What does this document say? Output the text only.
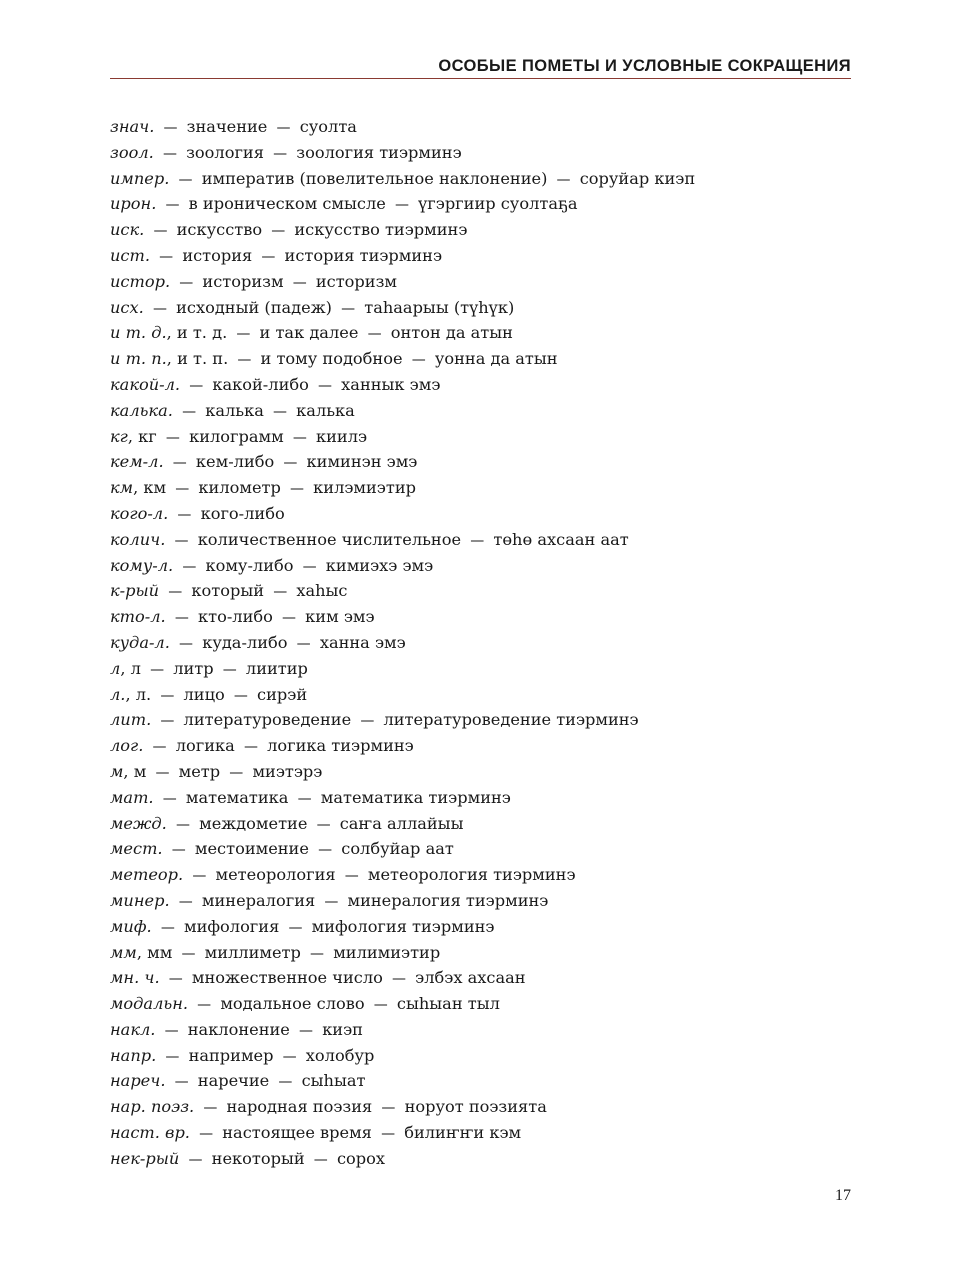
ОСОБЫЕ ПОМЕТЫ И УСЛОВНЫЕ СОКРАЩЕНИЯ
знач. — значение — суолта
зоол. — зоология — зоология тиэрминэ
импер. — императив (повелительное наклонение) — соруйар киэп
ирон. — в ироническом смысле — үгэргиир суолтаҕа
иск. — искусство — искусство тиэрминэ
ист. — история — история тиэрминэ
истор. — историзм — историзм
исх. — исходный (падеж) — таһаарыы (түһүк)
и т. д., и т. д. — и так далее — онтон да атын
и т. п., и т. п. — и тому подобное — уонна да атын
какой-л. — какой-либо — ханнык эмэ
калька. — калька — калька
кг, кг — килограмм — киилэ
кем-л. — кем-либо — киминэн эмэ
км, км — километр — килэмиэтир
кого-л. — кого-либо
колич. — количественное числительное — төһө ахсаан аат
кому-л. — кому-либо — кимиэхэ эмэ
к-рый — который — хаһыс
кто-л. — кто-либо — ким эмэ
куда-л. — куда-либо — ханна эмэ
л, л — литр — лиитир
л., л. — лицо — сирэй
лит. — литературоведение — литературоведение тиэрминэ
лог. — логика — логика тиэрминэ
м, м — метр — миэтэрэ
мат. — математика — математика тиэрминэ
межд. — междометие — саҥа аллайыы
мест. — местоимение — солбуйар аат
метеор. — метеорология — метеорология тиэрминэ
минер. — минералогия — минералогия тиэрминэ
миф. — мифология — мифология тиэрминэ
мм, мм — миллиметр — милимиэтир
мн. ч. — множественное число — элбэх ахсаан
модальн. — модальное слово — сыһыан тыл
накл. — наклонение — киэп
напр. — например — холобур
нареч. — наречие — сыһыат
нар. поэз. — народная поэзия — норуот поэзията
наст. вр. — настоящее время — билиҥҥи кэм
нек-рый — некоторый — сорох
17
